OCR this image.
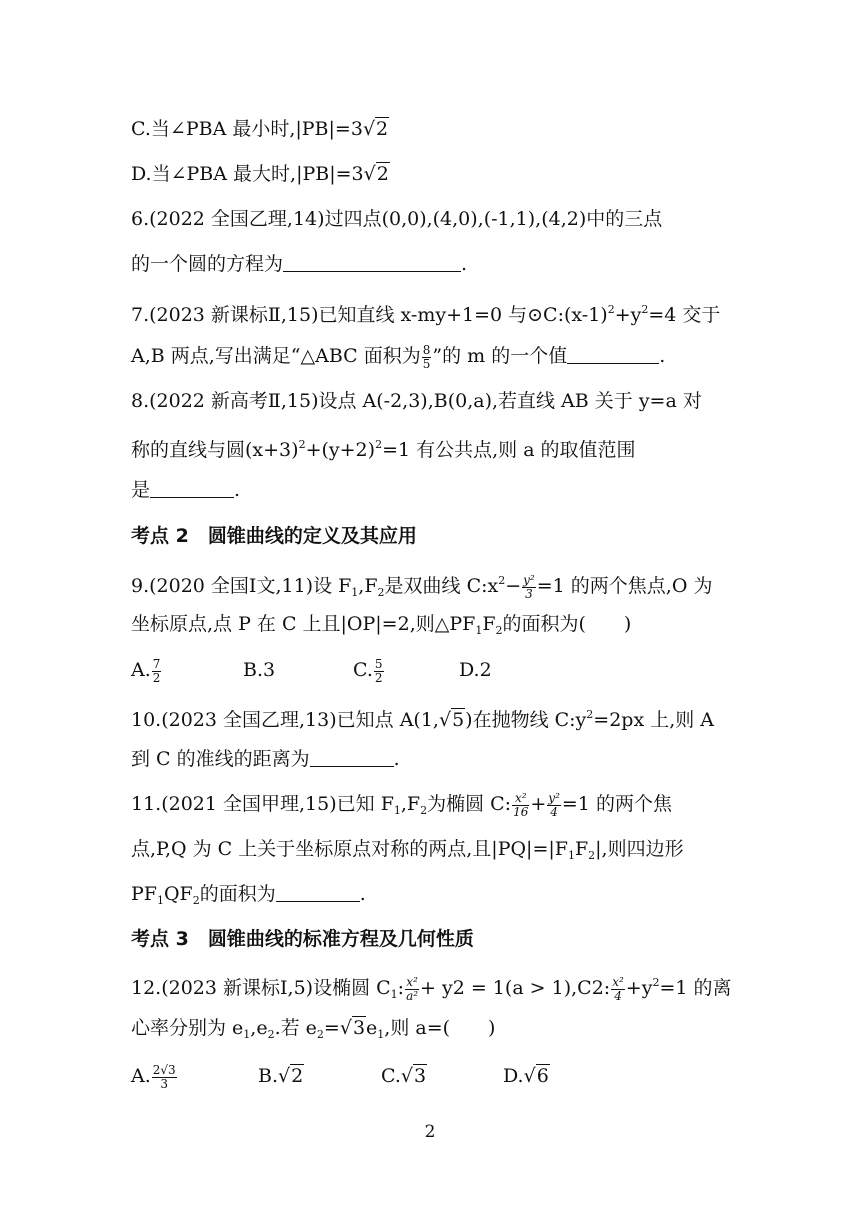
C.当∠PBA 最小时,|PB|=3√2
D.当∠PBA 最大时,|PB|=3√2
6.(2022 全国乙理,14)过四点(0,0),(4,0),(-1,1),(4,2)中的三点
的一个圆的方程为	.
7.(2023 新课标Ⅱ,15)已知直线 x-my+1=0 与$⊙C:(x-1)^2+y^2=4$ 交于
A,B 两点,写出满足“△ABC 面积为 $\frac{8}{5}$ ”的 m 的一个值	.
8.(2022 新高考Ⅱ,15)设点 A(-2,3),B(0,a),若直线 AB 关于 y=a 对
称的直线与圆$(x+3)^2+(y+2)^2=1$ 有公共点,则 a 的取值范围
是	.
考点 2　圆锥曲线的定义及其应用
9.(2020 全国Ⅰ文,11)设 $F_1,F_2$是双曲线 $C:x^2- \frac{\text{y²}}{3} =1$ 的两个焦点,O 为
坐标原点,点 P 在 C 上且|OP|=2,则$\triangle PF_1F_2$的面积为(　　)
A. $\frac{7}{2}$	B.3	C. $\frac{5}{2}$	D.2
10.(2023 全国乙理,13)已知点 A(1,√5)在抛物线 $C:y^2=2px$ 上,则 A
到 C 的准线的距离为	.
11.(2021 全国甲理,15)已知 $F_1,F_2$为椭圆 C: $\frac{\text{x²}}{16} + \frac{\text{y²}}{4} =1$ 的两个焦
点,P,Q 为 C 上关于坐标原点对称的两点,且$|PQ|=|F_1F_2|$,则四边形
$PF_1QF_2$的面积为	.
考点 3　圆锥曲线的标准方程及几何性质
12.(2023 新课标Ⅰ,5)设椭圆 $C_1$: $\frac{\text{x²}}{\text{a²}} + y2 = 1(a > 1),C2$: $\frac{\text{x²}}{4} +y^2=1$ 的离
心率分别为 $e_1,e_2$.若 $e_2=√3e_1$,则 a=(　　)
A. $\frac{2√3}{3}$	B.√2	C.√3	D.√6
2
